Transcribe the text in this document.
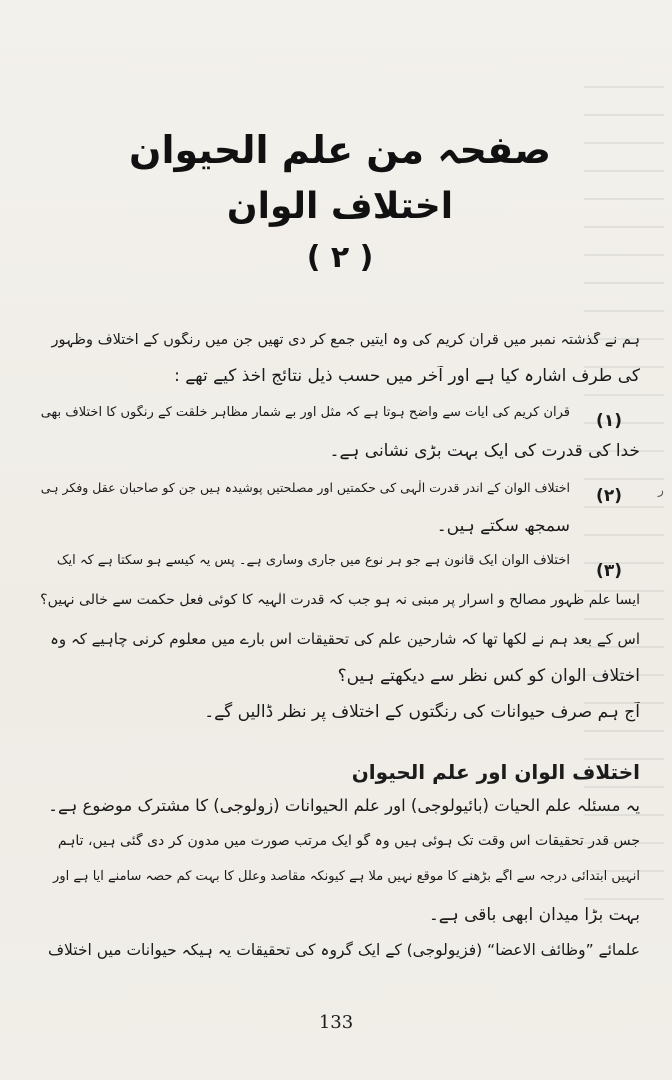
ر
صفحہ من علم الحیوان
اختلاف الوان
( ۲ )
ہم نے گذشتہ نمبر میں قرآن کریم کی وہ آیتیں جمع کر دی تھیں جن میں رنگوں کے اختلاف وظہور
کی طرف اشارہ کیا ہے اور آخر میں حسب ذیل نتائج اخذ کیے تھے :
(۱)
قرآن کریم کی آیات سے واضح ہوتا ہے کہ مثل اور بے شمار مظاہر خلقت کے رنگوں کا اختلاف بھی
خدا کی قدرت کی ایک بہت بڑی نشانی ہے۔
(۲)
اختلاف الوان کے اندر قدرت الٰہی کی حکمتیں اور مصلحتیں پوشیدہ ہیں جن کو صاحبان عقل وفکر ہی
سمجھ سکتے ہیں۔
(۳)
اختلاف الوان ایک قانون ہے جو ہر نوع میں جاری وساری ہے۔ پس یہ کیسے ہو سکتا ہے کہ ایک
ایسا علم ظہور مصالح و اسرار پر مبنی نہ ہو جب کہ قدرت الٰہیہ کا کوئی فعل حکمت سے خالی نہیں؟
اس کے بعد ہم نے لکھا تھا کہ شارحین علم کی تحقیقات اس بارے میں معلوم کرنی چاہیے کہ وہ
اختلاف الوان کو کس نظر سے دیکھتے ہیں؟
آج ہم صرف حیوانات کی رنگتوں کے اختلاف پر نظر ڈالیں گے۔
اختلاف الوان اور علم الحیوان
یہ مسئلہ علم الحیات (بائیولوجی) اور علم الحیوانات (زولوجی) کا مشترک موضوع ہے۔
جس قدر تحقیقات اس وقت تک ہوئی ہیں وہ گو ایک مرتب صورت میں مدون کر دی گئی ہیں، تاہم
انہیں ابتدائی درجہ سے آگے بڑھنے کا موقع نہیں ملا ہے کیونکہ مقاصد وعلل کا بہت کم حصہ سامنے آیا ہے اور
بہت بڑا میدان ابھی باقی ہے۔
علمائے ”وظائف الاعضا“ (فزیولوجی) کے ایک گروہ کی تحقیقات یہ ہیکہ حیوانات میں اختلاف
133
